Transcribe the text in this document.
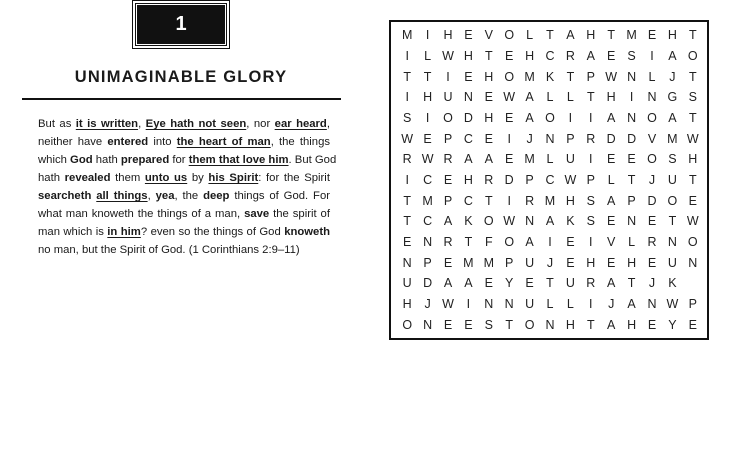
1
UNIMAGINABLE GLORY

But as it is written, Eye hath not seen, nor ear heard,
neither have entered into the heart of man, the things
which God hath prepared for them that love him. But God
hath revealed them unto us by his Spirit: for the Spirit
searcheth all things, yea, the deep things of God. For
what man knoweth the things of a man, save the spirit of
man which is in him? even so the things of God knoweth
no man, but the Spirit of God. (1 Corinthians 2:9–11)

M	I	H E V O L	T A H T M E H T
I	L W H T E H C R A E S	I	A O
T	T	I	E H O M K T P W N L	J	T
I	H U N E W A	L	L	T H	I	N G S
S	I	O D H E A O	I	I	A N O A T
W E P C E	I	J	N P R D D V M W
R W R A A E M L U	I	E E O S H
I	C E H R D P C W P	L	T	J	U T
T M P C T	I	R M H S A P D O E
T C A K O W N A K S E N E T W
E N R T	F O A	I	E	I	V	L R N O
N P E M M P U	J	E H E H E U N
U D A A E Y E T U R A T	J	K
H	J W	I	N N U L	L	I	J	A N W P
O N E E S T O N H T A H E Y E
